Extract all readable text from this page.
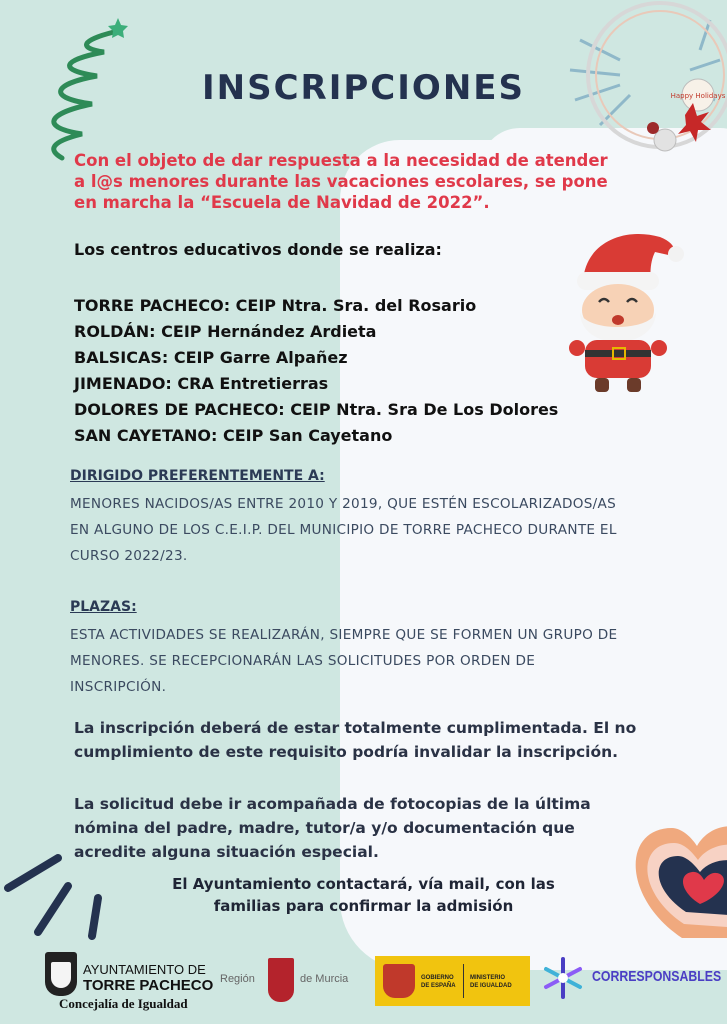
Happy Holidays
INSCRIPCIONES
Con el objeto de dar respuesta a la necesidad de atender
a l@s menores durante las vacaciones escolares, se pone
en marcha la “Escuela de Navidad de 2022”.
Los centros educativos donde se realiza:
TORRE PACHECO: CEIP Ntra. Sra. del Rosario
ROLDÁN: CEIP Hernández Ardieta
BALSICAS: CEIP Garre Alpañez
JIMENADO: CRA Entretierras
DOLORES DE PACHECO: CEIP Ntra. Sra De Los Dolores
SAN CAYETANO: CEIP San Cayetano
DIRIGIDO PREFERENTEMENTE A:
MENORES NACIDOS/AS ENTRE 2010 Y 2019, QUE ESTÉN ESCOLARIZADOS/AS
EN ALGUNO DE LOS C.E.I.P. DEL MUNICIPIO DE TORRE PACHECO DURANTE EL
CURSO 2022/23.
PLAZAS:
ESTA ACTIVIDADES SE REALIZARÁN, SIEMPRE QUE SE FORMEN UN GRUPO DE
MENORES. SE RECEPCIONARÁN LAS SOLICITUDES POR ORDEN DE
INSCRIPCIÓN.
La inscripción deberá de estar totalmente cumplimentada. El no
cumplimiento de este requisito podría invalidar la inscripción.
La solicitud debe ir acompañada de fotocopias de la última
nómina del padre, madre, tutor/a y/o documentación que
acredite alguna situación especial.
El Ayuntamiento contactará, vía mail, con las
familias para confirmar la admisión
AYUNTAMIENTO DE
TORRE PACHECO
Concejalía de Igualdad
Región	de Murcia	GOBIERNO
DE ESPAÑA
MINISTERIO
DE IGUALDAD
CORRESPONSABLES
